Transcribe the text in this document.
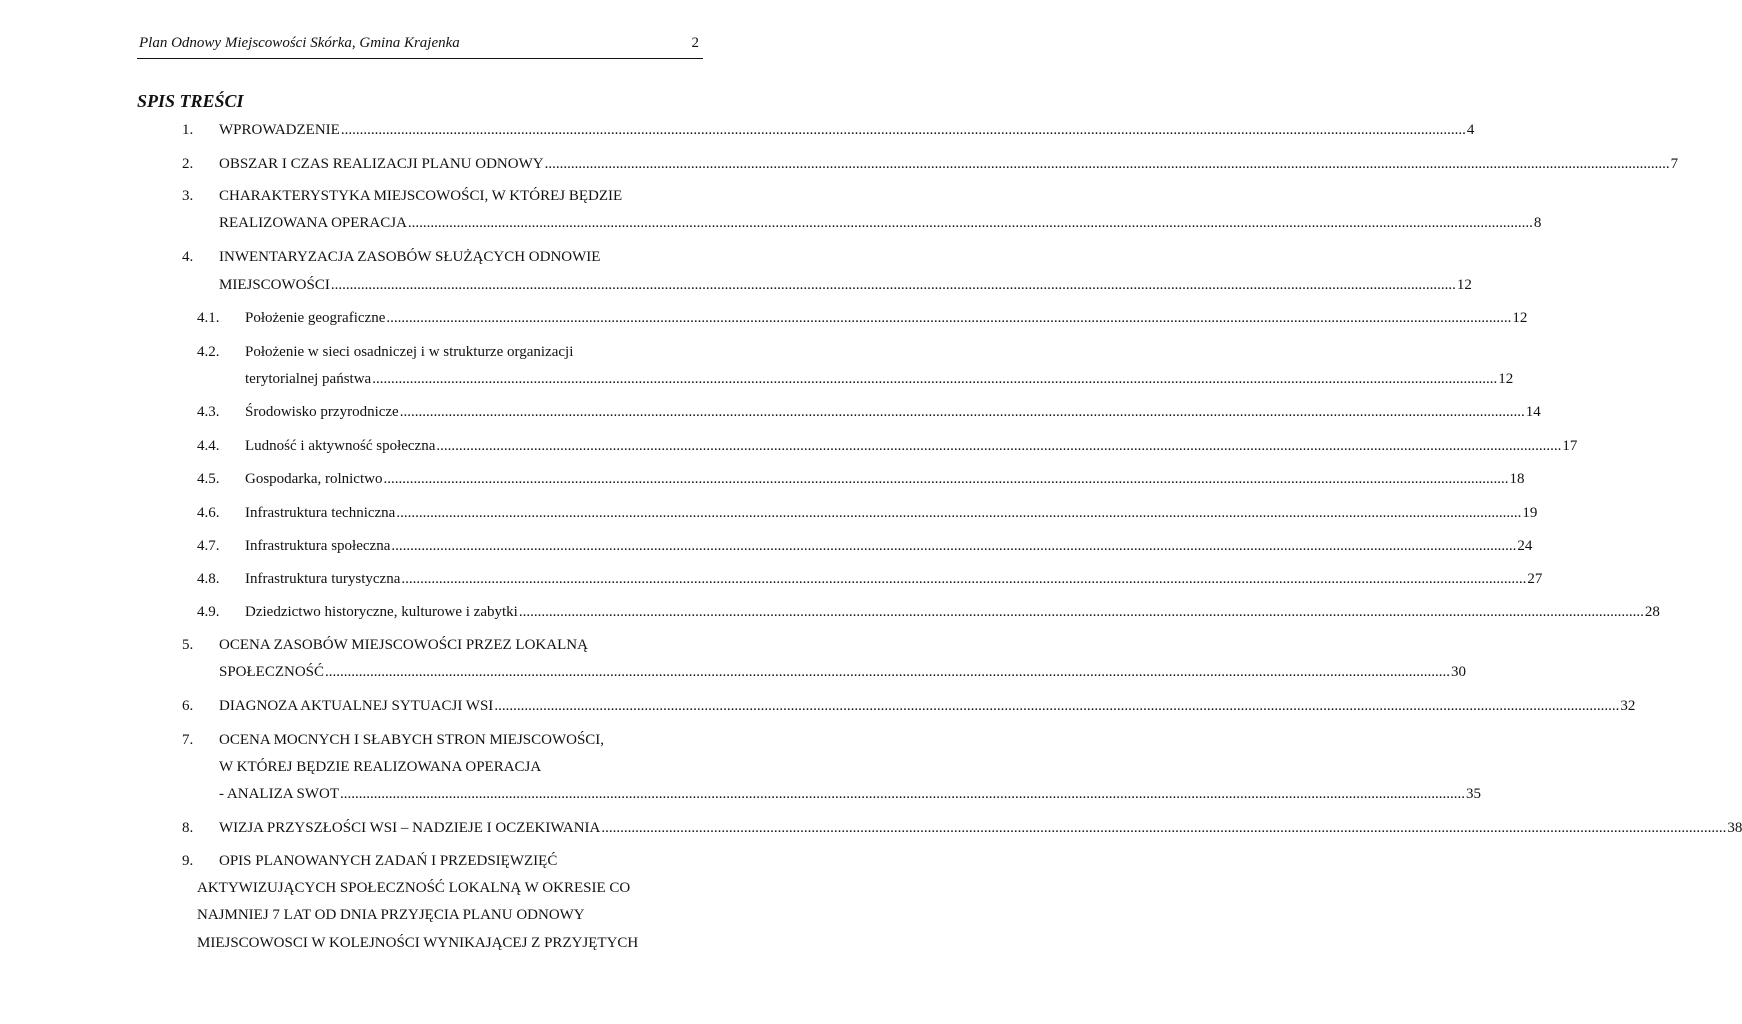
Plan Odnowy Miejscowości Skórka, Gmina Krajenka	2
SPIS TREŚCI
1. WPROWADZENIE ............................................................................................................................................................................................................................................................................................................ 4
2. OBSZAR I CZAS REALIZACJI PLANU ODNOWY ............................................................................................................................................................................................................................................................................................................ 7
3. CHARAKTERYSTYKA MIEJSCOWOŚCI, W KTÓREJ BĘDZIE
REALIZOWANA OPERACJA ............................................................................................................................................................................................................................................................................................................ 8
4. INWENTARYZACJA ZASOBÓW SŁUŻĄCYCH ODNOWIE
MIEJSCOWOŚCI ............................................................................................................................................................................................................................................................................................................ 12
4.1. Położenie geograficzne ............................................................................................................................................................................................................................................................................................................ 12
4.2. Położenie w sieci osadniczej i w strukturze organizacji
terytorialnej państwa ............................................................................................................................................................................................................................................................................................................ 12
4.3. Środowisko przyrodnicze ............................................................................................................................................................................................................................................................................................................ 14
4.4. Ludność i aktywność społeczna ............................................................................................................................................................................................................................................................................................................ 17
4.5. Gospodarka, rolnictwo ............................................................................................................................................................................................................................................................................................................ 18
4.6. Infrastruktura techniczna ............................................................................................................................................................................................................................................................................................................ 19
4.7. Infrastruktura społeczna ............................................................................................................................................................................................................................................................................................................ 24
4.8. Infrastruktura turystyczna ............................................................................................................................................................................................................................................................................................................ 27
4.9. Dziedzictwo historyczne, kulturowe i zabytki ............................................................................................................................................................................................................................................................................................................ 28
5. OCENA ZASOBÓW MIEJSCOWOŚCI PRZEZ LOKALNĄ
SPOŁECZNOŚĆ ............................................................................................................................................................................................................................................................................................................ 30
6. DIAGNOZA AKTUALNEJ SYTUACJI WSI ............................................................................................................................................................................................................................................................................................................ 32
7. OCENA MOCNYCH I SŁABYCH STRON MIEJSCOWOŚCI,
W KTÓREJ BĘDZIE REALIZOWANA OPERACJA
- ANALIZA SWOT ............................................................................................................................................................................................................................................................................................................ 35
8. WIZJA PRZYSZŁOŚCI WSI – NADZIEJE I OCZEKIWANIA ............................................................................................................................................................................................................................................................................................................ 38
9. OPIS PLANOWANYCH ZADAŃ I PRZEDSIĘWZIĘĆ
AKTYWIZUJĄCYCH SPOŁECZNOŚĆ LOKALNĄ W OKRESIE CO
NAJMNIEJ 7 LAT OD DNIA PRZYJĘCIA PLANU ODNOWY
MIEJSCOWOSCI W KOLEJNOŚCI WYNIKAJĄCEJ Z PRZYJĘTYCH
